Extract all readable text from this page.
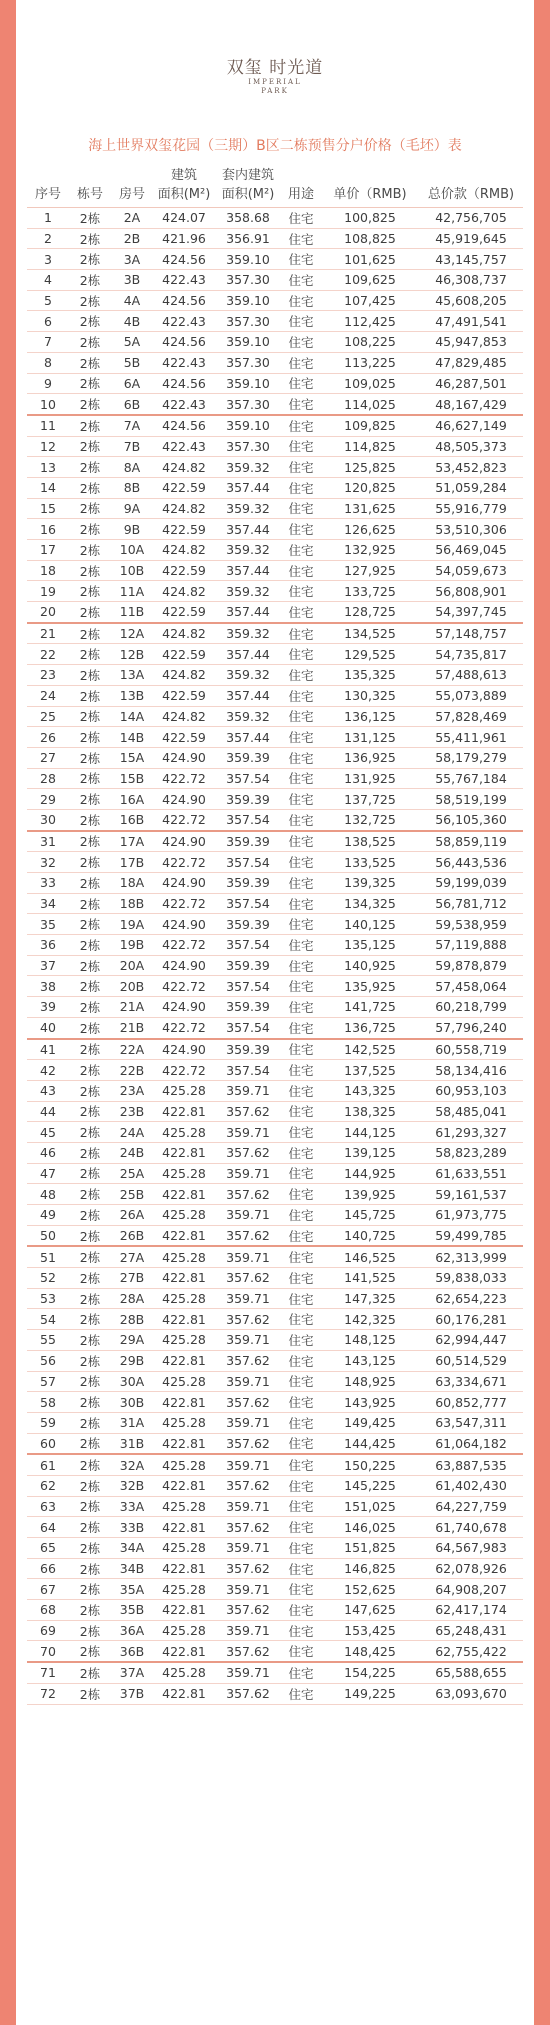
双玺 时光道
IMPERIAL
PARK
海上世界双玺花园（三期）B区二栋预售分户价格（毛坯）表
			建筑	套内建筑			
序号	栋号	房号	面积(M²)	面积(M²)	用途	单价（RMB)	总价款（RMB)
1	2栋	2A	424.07	358.68	住宅	100,825	42,756,705
2	2栋	2B	421.96	356.91	住宅	108,825	45,919,645
3	2栋	3A	424.56	359.10	住宅	101,625	43,145,757
4	2栋	3B	422.43	357.30	住宅	109,625	46,308,737
5	2栋	4A	424.56	359.10	住宅	107,425	45,608,205
6	2栋	4B	422.43	357.30	住宅	112,425	47,491,541
7	2栋	5A	424.56	359.10	住宅	108,225	45,947,853
8	2栋	5B	422.43	357.30	住宅	113,225	47,829,485
9	2栋	6A	424.56	359.10	住宅	109,025	46,287,501
10	2栋	6B	422.43	357.30	住宅	114,025	48,167,429
11	2栋	7A	424.56	359.10	住宅	109,825	46,627,149
12	2栋	7B	422.43	357.30	住宅	114,825	48,505,373
13	2栋	8A	424.82	359.32	住宅	125,825	53,452,823
14	2栋	8B	422.59	357.44	住宅	120,825	51,059,284
15	2栋	9A	424.82	359.32	住宅	131,625	55,916,779
16	2栋	9B	422.59	357.44	住宅	126,625	53,510,306
17	2栋	10A	424.82	359.32	住宅	132,925	56,469,045
18	2栋	10B	422.59	357.44	住宅	127,925	54,059,673
19	2栋	11A	424.82	359.32	住宅	133,725	56,808,901
20	2栋	11B	422.59	357.44	住宅	128,725	54,397,745
21	2栋	12A	424.82	359.32	住宅	134,525	57,148,757
22	2栋	12B	422.59	357.44	住宅	129,525	54,735,817
23	2栋	13A	424.82	359.32	住宅	135,325	57,488,613
24	2栋	13B	422.59	357.44	住宅	130,325	55,073,889
25	2栋	14A	424.82	359.32	住宅	136,125	57,828,469
26	2栋	14B	422.59	357.44	住宅	131,125	55,411,961
27	2栋	15A	424.90	359.39	住宅	136,925	58,179,279
28	2栋	15B	422.72	357.54	住宅	131,925	55,767,184
29	2栋	16A	424.90	359.39	住宅	137,725	58,519,199
30	2栋	16B	422.72	357.54	住宅	132,725	56,105,360
31	2栋	17A	424.90	359.39	住宅	138,525	58,859,119
32	2栋	17B	422.72	357.54	住宅	133,525	56,443,536
33	2栋	18A	424.90	359.39	住宅	139,325	59,199,039
34	2栋	18B	422.72	357.54	住宅	134,325	56,781,712
35	2栋	19A	424.90	359.39	住宅	140,125	59,538,959
36	2栋	19B	422.72	357.54	住宅	135,125	57,119,888
37	2栋	20A	424.90	359.39	住宅	140,925	59,878,879
38	2栋	20B	422.72	357.54	住宅	135,925	57,458,064
39	2栋	21A	424.90	359.39	住宅	141,725	60,218,799
40	2栋	21B	422.72	357.54	住宅	136,725	57,796,240
41	2栋	22A	424.90	359.39	住宅	142,525	60,558,719
42	2栋	22B	422.72	357.54	住宅	137,525	58,134,416
43	2栋	23A	425.28	359.71	住宅	143,325	60,953,103
44	2栋	23B	422.81	357.62	住宅	138,325	58,485,041
45	2栋	24A	425.28	359.71	住宅	144,125	61,293,327
46	2栋	24B	422.81	357.62	住宅	139,125	58,823,289
47	2栋	25A	425.28	359.71	住宅	144,925	61,633,551
48	2栋	25B	422.81	357.62	住宅	139,925	59,161,537
49	2栋	26A	425.28	359.71	住宅	145,725	61,973,775
50	2栋	26B	422.81	357.62	住宅	140,725	59,499,785
51	2栋	27A	425.28	359.71	住宅	146,525	62,313,999
52	2栋	27B	422.81	357.62	住宅	141,525	59,838,033
53	2栋	28A	425.28	359.71	住宅	147,325	62,654,223
54	2栋	28B	422.81	357.62	住宅	142,325	60,176,281
55	2栋	29A	425.28	359.71	住宅	148,125	62,994,447
56	2栋	29B	422.81	357.62	住宅	143,125	60,514,529
57	2栋	30A	425.28	359.71	住宅	148,925	63,334,671
58	2栋	30B	422.81	357.62	住宅	143,925	60,852,777
59	2栋	31A	425.28	359.71	住宅	149,425	63,547,311
60	2栋	31B	422.81	357.62	住宅	144,425	61,064,182
61	2栋	32A	425.28	359.71	住宅	150,225	63,887,535
62	2栋	32B	422.81	357.62	住宅	145,225	61,402,430
63	2栋	33A	425.28	359.71	住宅	151,025	64,227,759
64	2栋	33B	422.81	357.62	住宅	146,025	61,740,678
65	2栋	34A	425.28	359.71	住宅	151,825	64,567,983
66	2栋	34B	422.81	357.62	住宅	146,825	62,078,926
67	2栋	35A	425.28	359.71	住宅	152,625	64,908,207
68	2栋	35B	422.81	357.62	住宅	147,625	62,417,174
69	2栋	36A	425.28	359.71	住宅	153,425	65,248,431
70	2栋	36B	422.81	357.62	住宅	148,425	62,755,422
71	2栋	37A	425.28	359.71	住宅	154,225	65,588,655
72	2栋	37B	422.81	357.62	住宅	149,225	63,093,670
